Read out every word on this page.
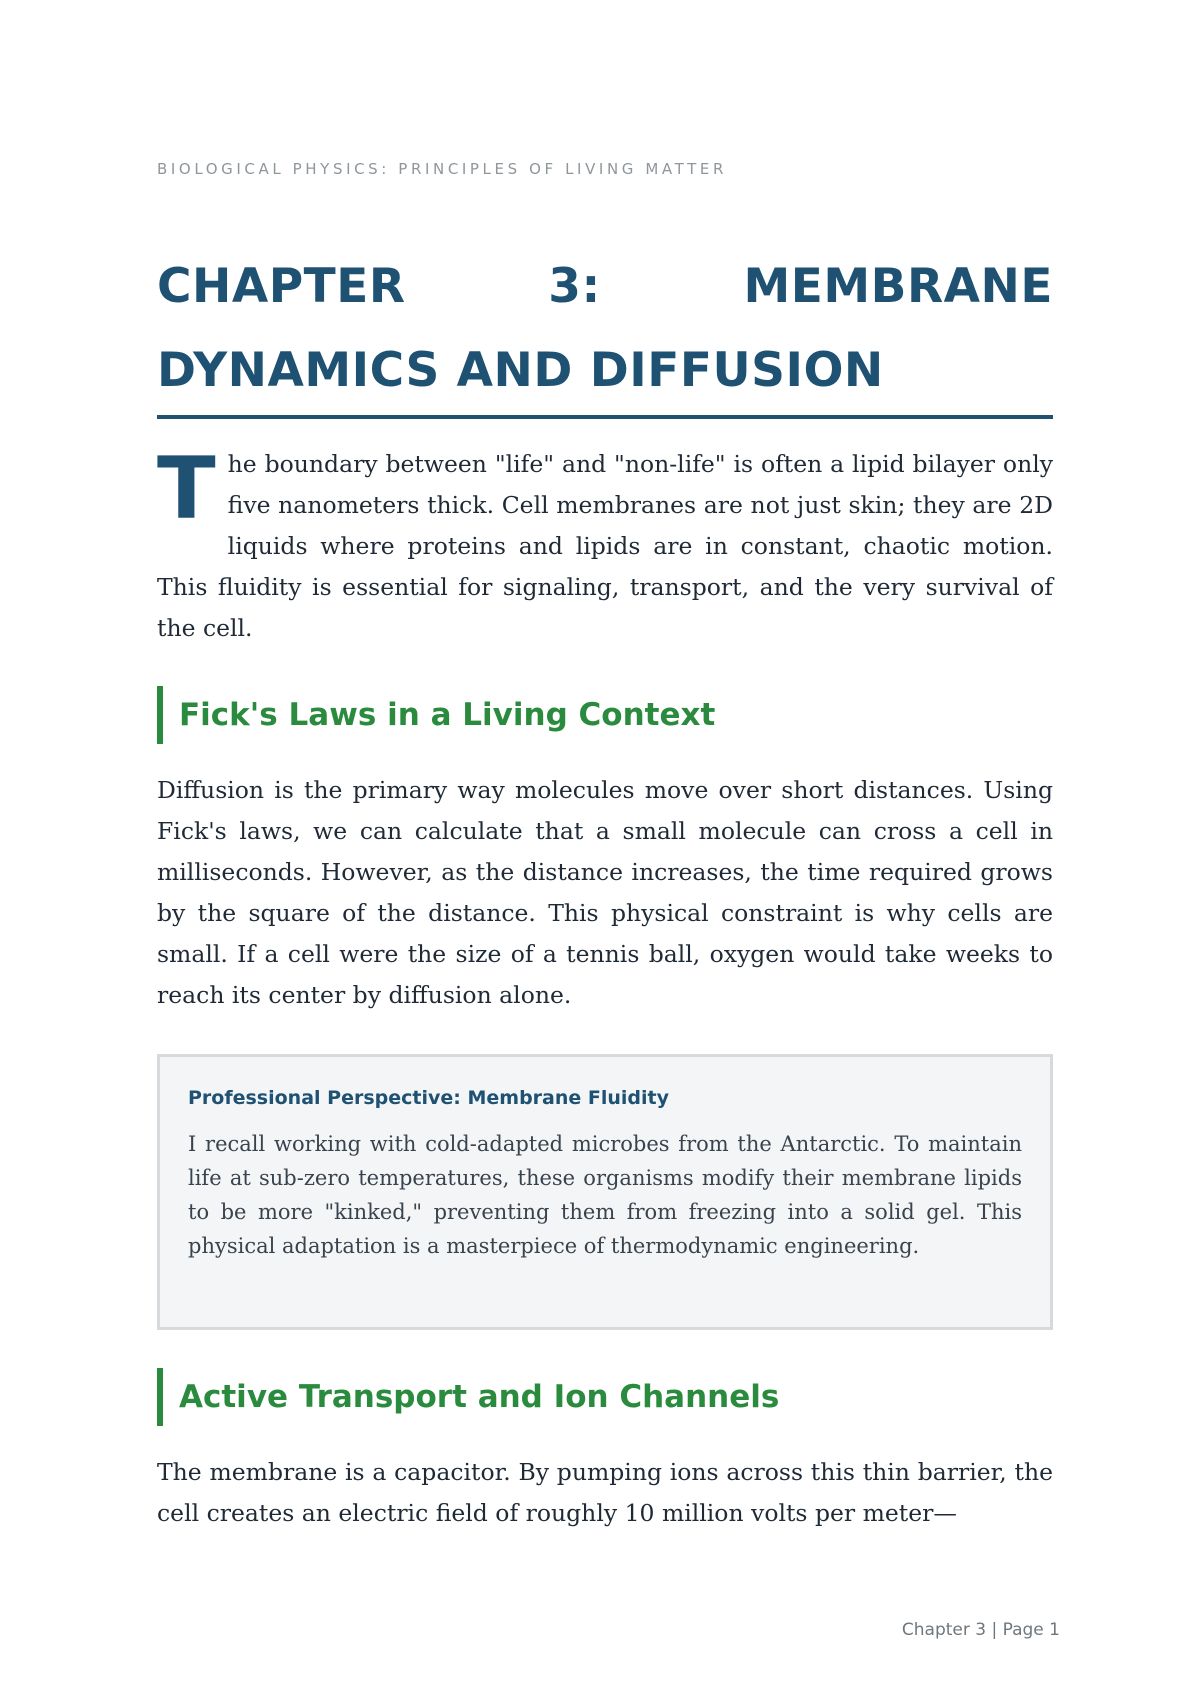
BIOLOGICAL PHYSICS: PRINCIPLES OF LIVING MATTER
CHAPTER 3: MEMBRANE DYNAMICS AND DIFFUSION

The boundary between "life" and "non-life" is often a lipid bilayer only five nanometers thick. Cell membranes are not just skin; they are 2D liquids where proteins and lipids are in constant, chaotic motion. This fluidity is essential for signaling, transport, and the very survival of the cell.

Fick's Laws in a Living Context

Diffusion is the primary way molecules move over short distances. Using Fick's laws, we can calculate that a small molecule can cross a cell in milliseconds. However, as the distance increases, the time required grows by the square of the distance. This physical constraint is why cells are small. If a cell were the size of a tennis ball, oxygen would take weeks to reach its center by diffusion alone.

Professional Perspective: Membrane Fluidity

I recall working with cold-adapted microbes from the Antarctic. To maintain life at sub-zero temperatures, these organisms modify their membrane lipids to be more "kinked," preventing them from freezing into a solid gel. This physical adaptation is a masterpiece of thermodynamic engineering.

Active Transport and Ion Channels

The membrane is a capacitor. By pumping ions across this thin barrier, the cell creates an electric field of roughly 10 million volts per meter—

Chapter 3 | Page 1
